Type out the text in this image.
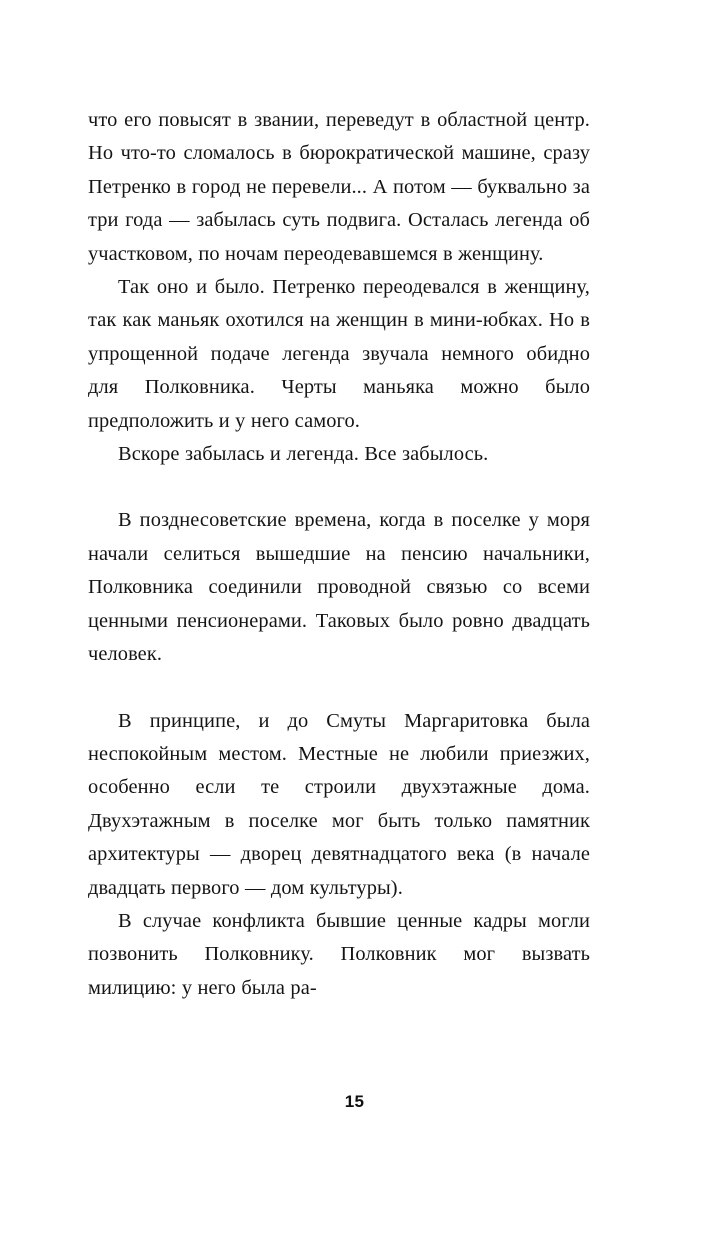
что его повысят в звании, переведут в областной центр. Но что-то сломалось в бюрократической машине, сразу Петренко в город не перевели... А потом — буквально за три года — забылась суть подвига. Осталась легенда об участковом, по ночам переодевавшемся в женщину.

Так оно и было. Петренко переодевался в женщину, так как маньяк охотился на женщин в мини-юбках. Но в упрощенной подаче легенда звучала немного обидно для Полковника. Черты маньяка можно было предположить и у него самого.

Вскоре забылась и легенда. Все забылось.

В позднесоветские времена, когда в поселке у моря начали селиться вышедшие на пенсию начальники, Полковника соединили проводной связью со всеми ценными пенсионерами. Таковых было ровно двадцать человек.

В принципе, и до Смуты Маргаритовка была неспокойным местом. Местные не любили приезжих, особенно если те строили двухэтажные дома. Двухэтажным в поселке мог быть только памятник архитектуры — дворец девятнадцатого века (в начале двадцать первого — дом культуры).

В случае конфликта бывшие ценные кадры могли позвонить Полковнику. Полковник мог вызвать милицию: у него была ра-

15
